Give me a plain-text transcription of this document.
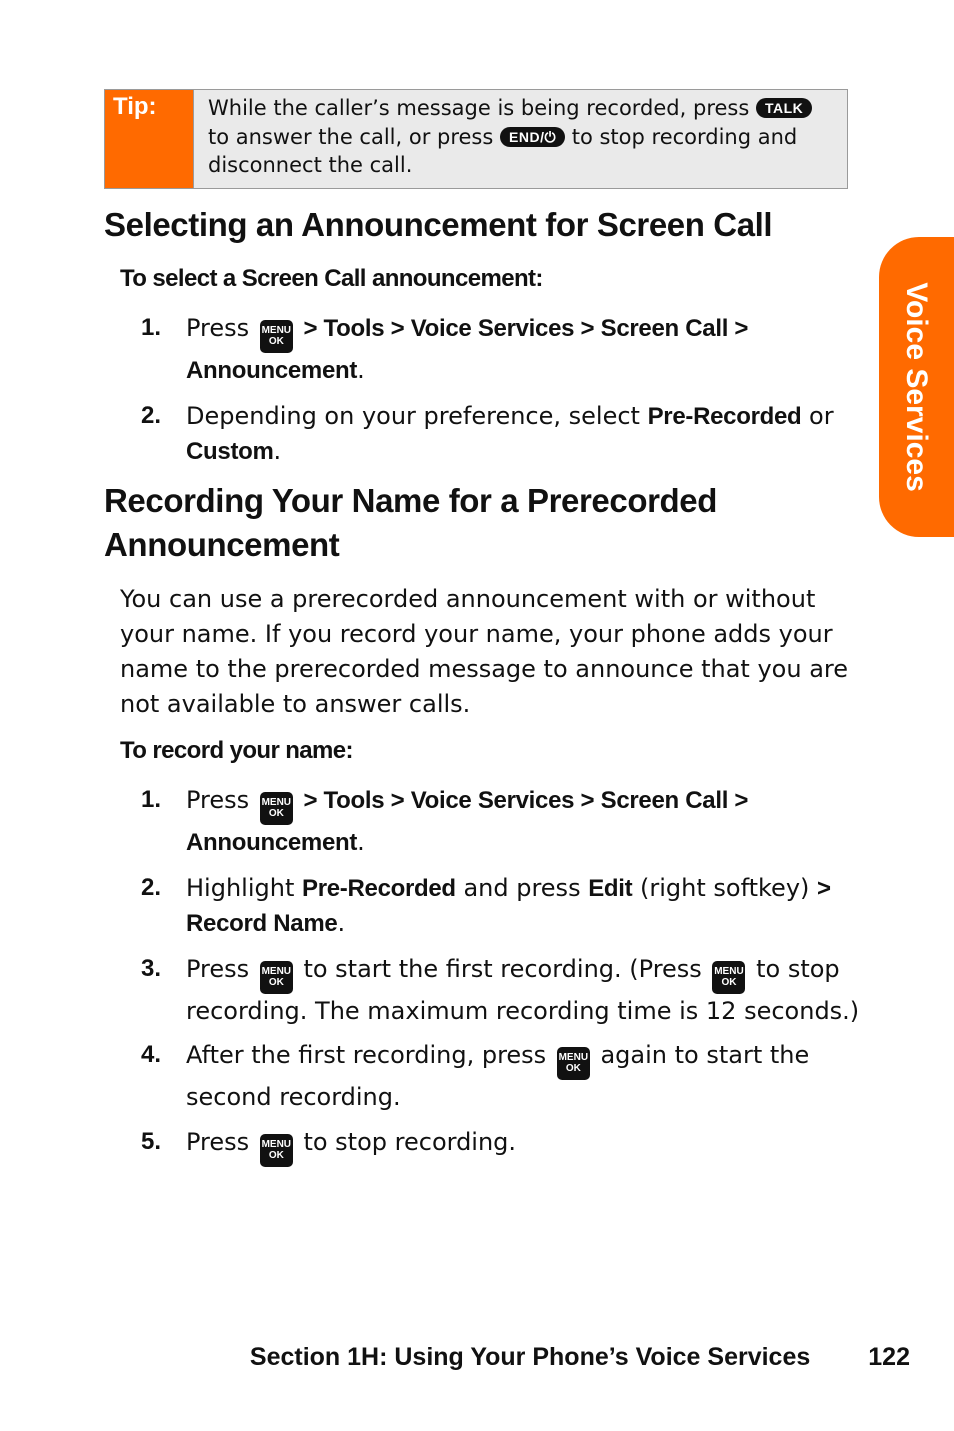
Tip:	While the caller’s message is being recorded, press TALK to answer the call, or press END/⏻ to stop recording and disconnect the call.
Selecting an Announcement for Screen Call

To select a Screen Call announcement:

1. Press MENU
OK > Tools > Voice Services > Screen Call > Announcement.
2. Depending on your preference, select Pre-Recorded or Custom.
Recording Your Name for a Prerecorded
Announcement

You can use a prerecorded announcement with or without your name. If you record your name, your phone adds your name to the prerecorded message to announce that you are not available to answer calls.

To record your name:

1. Press MENU
OK > Tools > Voice Services > Screen Call > Announcement.
2. Highlight Pre-Recorded and press Edit (right softkey) > Record Name.
3. Press MENU
OK to start the first recording. (Press MENU
OK to stop recording. The maximum recording time is 12 seconds.)
4. After the first recording, press MENU
OK again to start the second recording.
5. Press MENU
OK to stop recording.
Voice Services
Section 1H: Using Your Phone’s Voice Services 122
